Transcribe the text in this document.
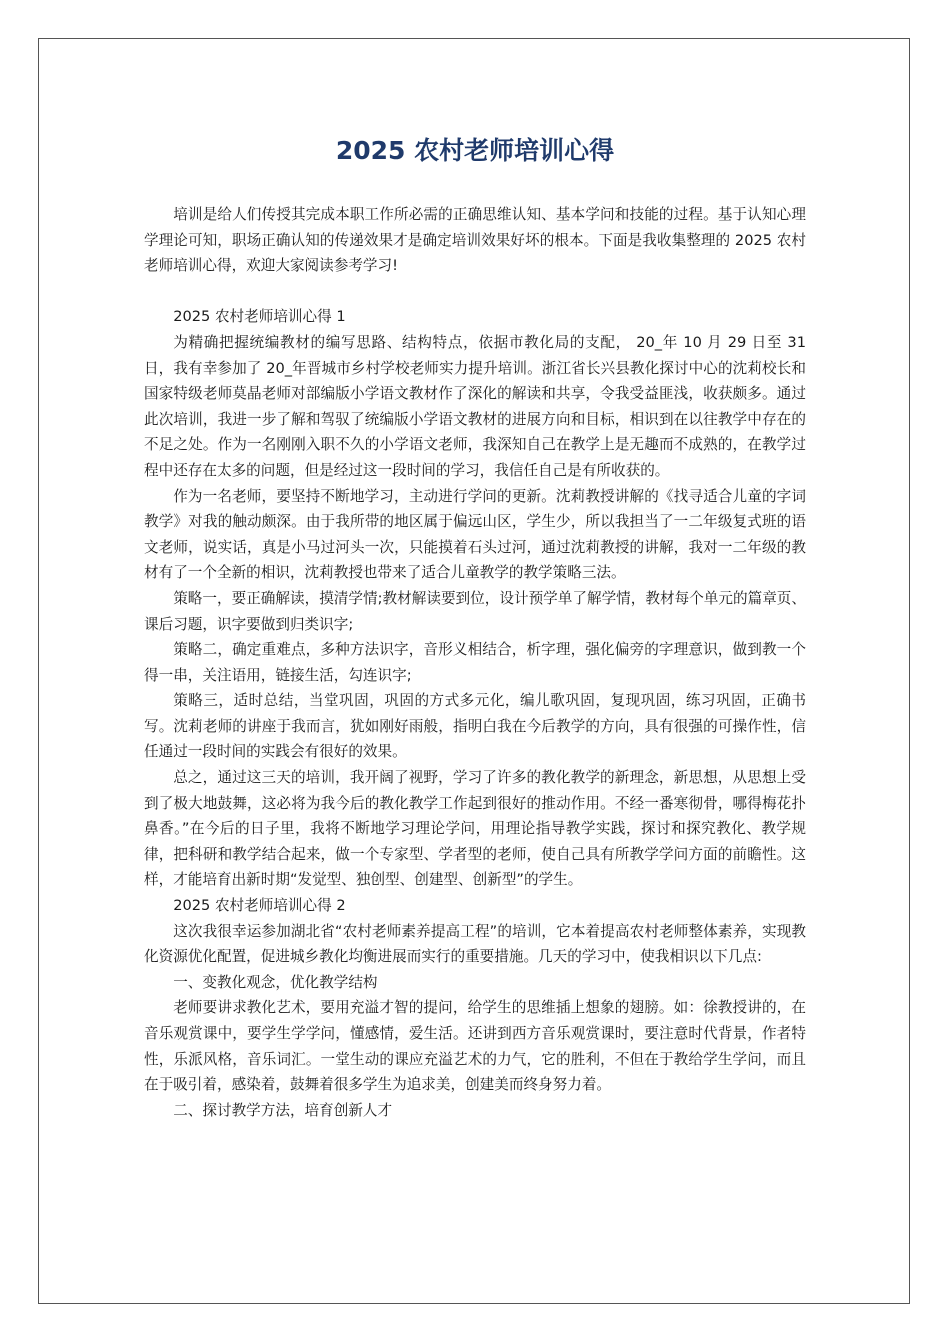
2025 农村老师培训心得

培训是给人们传授其完成本职工作所必需的正确思维认知、基本学问和技能的过程。基于认知心理学理论可知，职场正确认知的传递效果才是确定培训效果好坏的根本。下面是我收集整理的 2025 农村老师培训心得，欢迎大家阅读参考学习!

2025 农村老师培训心得 1

为精确把握统编教材的编写思路、结构特点，依据市教化局的支配， 20_年 10 月 29 日至 31 日，我有幸参加了 20_年晋城市乡村学校老师实力提升培训。浙江省长兴县教化探讨中心的沈莉校长和国家特级老师莫晶老师对部编版小学语文教材作了深化的解读和共享，令我受益匪浅，收获颇多。通过此次培训，我进一步了解和驾驭了统编版小学语文教材的进展方向和目标，相识到在以往教学中存在的不足之处。作为一名刚刚入职不久的小学语文老师，我深知自己在教学上是无趣而不成熟的，在教学过程中还存在太多的问题，但是经过这一段时间的学习，我信任自己是有所收获的。

作为一名老师，要坚持不断地学习，主动进行学问的更新。沈莉教授讲解的《找寻适合儿童的字词教学》对我的触动颇深。由于我所带的地区属于偏远山区，学生少，所以我担当了一二年级复式班的语文老师，说实话，真是小马过河头一次，只能摸着石头过河，通过沈莉教授的讲解，我对一二年级的教材有了一个全新的相识，沈莉教授也带来了适合儿童教学的教学策略三法。

策略一，要正确解读，摸清学情;教材解读要到位，设计预学单了解学情，教材每个单元的篇章页、课后习题，识字要做到归类识字;

策略二，确定重难点，多种方法识字，音形义相结合，析字理，强化偏旁的字理意识，做到教一个得一串，关注语用，链接生活，勾连识字;

策略三，适时总结，当堂巩固，巩固的方式多元化，编儿歌巩固，复现巩固，练习巩固，正确书写。沈莉老师的讲座于我而言，犹如刚好雨般，指明白我在今后教学的方向，具有很强的可操作性，信任通过一段时间的实践会有很好的效果。

总之，通过这三天的培训，我开阔了视野，学习了许多的教化教学的新理念，新思想，从思想上受到了极大地鼓舞，这必将为我今后的教化教学工作起到很好的推动作用。不经一番寒彻骨，哪得梅花扑鼻香。”在今后的日子里，我将不断地学习理论学问，用理论指导教学实践，探讨和探究教化、教学规律，把科研和教学结合起来，做一个专家型、学者型的老师，使自己具有所教学学问方面的前瞻性。这样，才能培育出新时期“发觉型、独创型、创建型、创新型”的学生。

2025 农村老师培训心得 2

这次我很幸运参加湖北省“农村老师素养提高工程”的培训，它本着提高农村老师整体素养，实现教化资源优化配置，促进城乡教化均衡进展而实行的重要措施。几天的学习中，使我相识以下几点:

一、变教化观念，优化教学结构

老师要讲求教化艺术，要用充溢才智的提问，给学生的思维插上想象的翅膀。如：徐教授讲的，在音乐观赏课中，要学生学学问，懂感情，爱生活。还讲到西方音乐观赏课时，要注意时代背景，作者特性，乐派风格，音乐词汇。一堂生动的课应充溢艺术的力气，它的胜利，不但在于教给学生学问，而且在于吸引着，感染着，鼓舞着很多学生为追求美，创建美而终身努力着。

二、探讨教学方法，培育创新人才
